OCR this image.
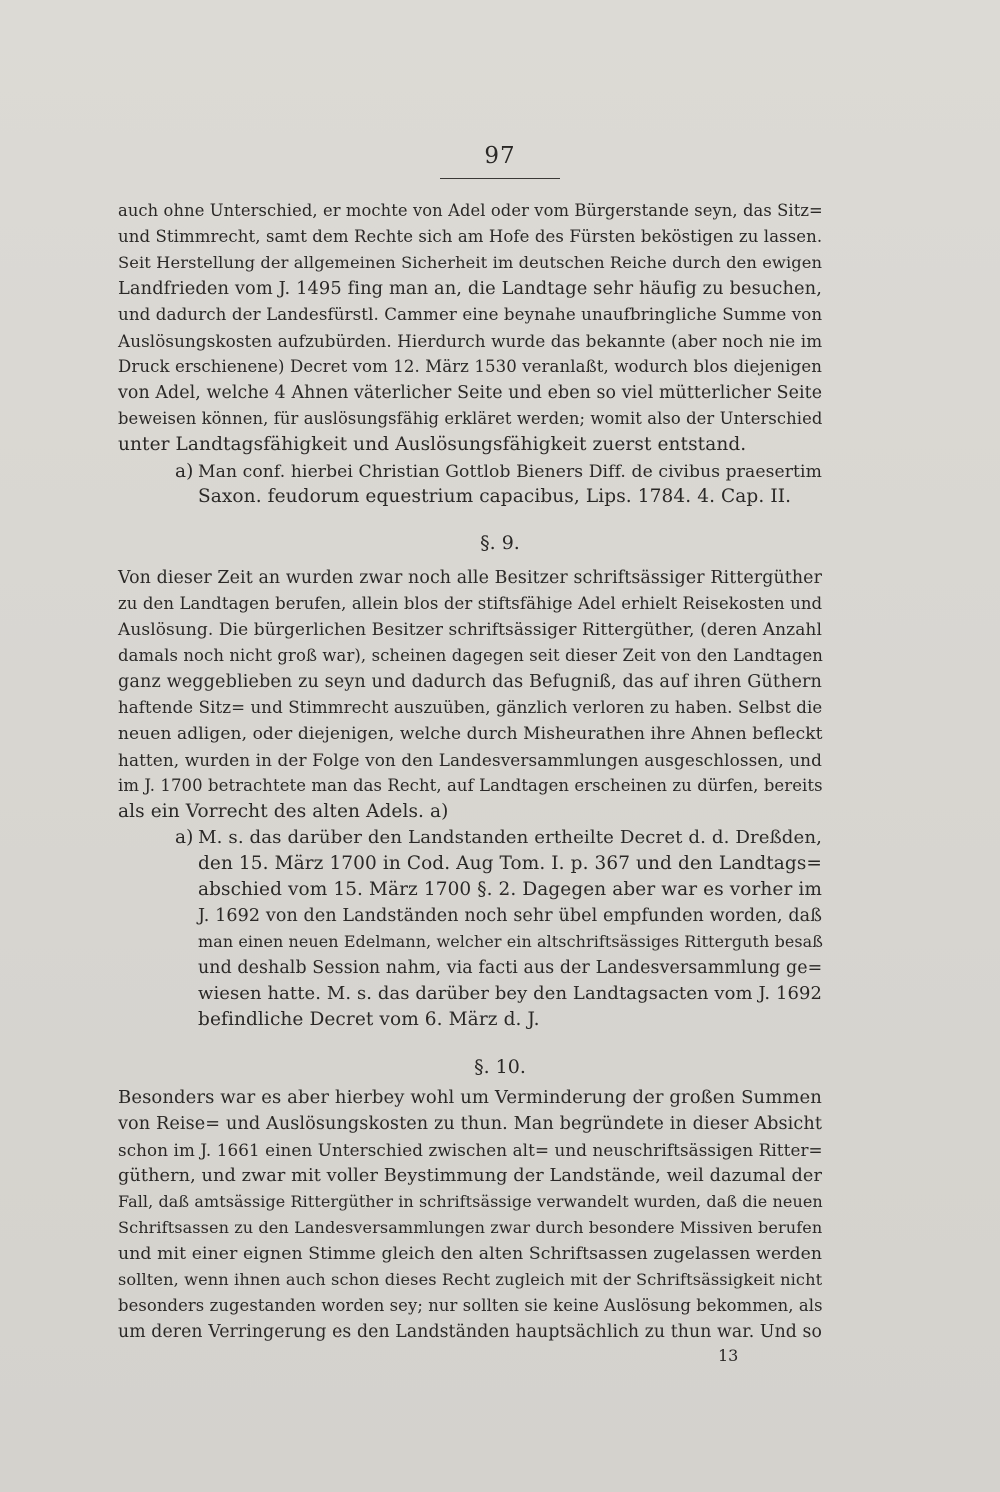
97
auch ohne Unterschied, er mochte von Adel oder vom Bürgerstande seyn, das Sitz=
und Stimmrecht, samt dem Rechte sich am Hofe des Fürsten beköstigen zu lassen.
Seit Herstellung der allgemeinen Sicherheit im deutschen Reiche durch den ewigen
Landfrieden vom J. 1495 fing man an, die Landtage sehr häufig zu besuchen,
und dadurch der Landesfürstl. Cammer eine beynahe unaufbringliche Summe von
Auslösungskosten aufzubürden. Hierdurch wurde das bekannte (aber noch nie im
Druck erschienene) Decret vom 12. März 1530 veranlaßt, wodurch blos diejenigen
von Adel, welche 4 Ahnen väterlicher Seite und eben so viel mütterlicher Seite
beweisen können, für auslösungsfähig erkläret werden; womit also der Unterschied
unter Landtagsfähigkeit und Auslösungsfähigkeit zuerst entstand.
a) Man conf. hierbei Christian Gottlob Bieners Diff. de civibus praesertim
Saxon. feudorum equestrium capacibus, Lips. 1784. 4. Cap. II.
§. 9.
Von dieser Zeit an wurden zwar noch alle Besitzer schriftsässiger Rittergüther
zu den Landtagen berufen, allein blos der stiftsfähige Adel erhielt Reisekosten und
Auslösung. Die bürgerlichen Besitzer schriftsässiger Rittergüther, (deren Anzahl
damals noch nicht groß war), scheinen dagegen seit dieser Zeit von den Landtagen
ganz weggeblieben zu seyn und dadurch das Befugniß, das auf ihren Güthern
haftende Sitz= und Stimmrecht auszuüben, gänzlich verloren zu haben. Selbst die
neuen adligen, oder diejenigen, welche durch Misheurathen ihre Ahnen befleckt
hatten, wurden in der Folge von den Landesversammlungen ausgeschlossen, und
im J. 1700 betrachtete man das Recht, auf Landtagen erscheinen zu dürfen, bereits
als ein Vorrecht des alten Adels. a)
a) M. s. das darüber den Landstanden ertheilte Decret d. d. Dreßden,
den 15. März 1700 in Cod. Aug Tom. I. p. 367 und den Landtags=
abschied vom 15. März 1700 §. 2. Dagegen aber war es vorher im
J. 1692 von den Landständen noch sehr übel empfunden worden, daß
man einen neuen Edelmann, welcher ein altschriftsässiges Ritterguth besaß
und deshalb Session nahm, via facti aus der Landesversammlung ge=
wiesen hatte. M. s. das darüber bey den Landtagsacten vom J. 1692
befindliche Decret vom 6. März d. J.
§. 10.
Besonders war es aber hierbey wohl um Verminderung der großen Summen
von Reise= und Auslösungskosten zu thun. Man begründete in dieser Absicht
schon im J. 1661 einen Unterschied zwischen alt= und neuschriftsässigen Ritter=
güthern, und zwar mit voller Beystimmung der Landstände, weil dazumal der
Fall, daß amtsässige Rittergüther in schriftsässige verwandelt wurden, daß die neuen
Schriftsassen zu den Landesversammlungen zwar durch besondere Missiven berufen
und mit einer eignen Stimme gleich den alten Schriftsassen zugelassen werden
sollten, wenn ihnen auch schon dieses Recht zugleich mit der Schriftsässigkeit nicht
besonders zugestanden worden sey; nur sollten sie keine Auslösung bekommen, als
um deren Verringerung es den Landständen hauptsächlich zu thun war. Und so
13
